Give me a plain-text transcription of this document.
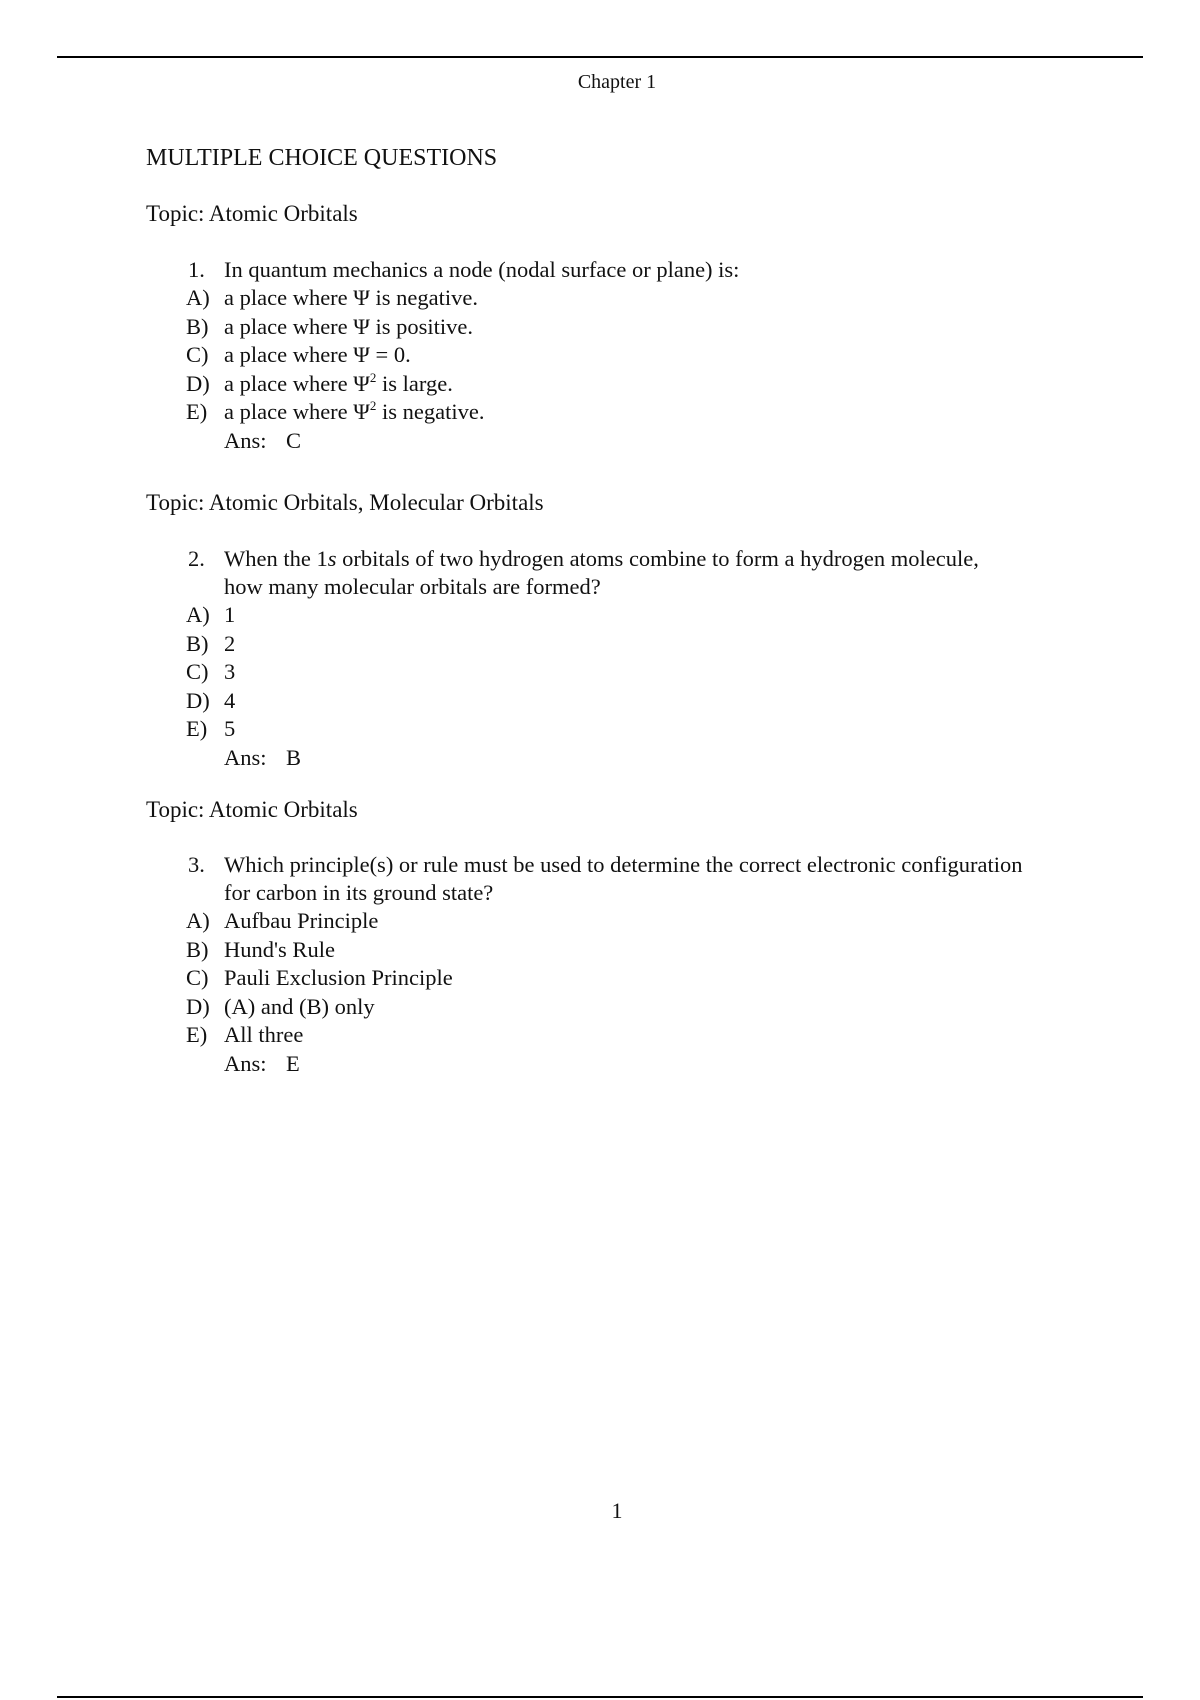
Chapter 1
MULTIPLE CHOICE QUESTIONS
Topic: Atomic Orbitals
1. In quantum mechanics a node (nodal surface or plane) is:
A) a place where Ψ is negative.
B) a place where Ψ is positive.
C) a place where Ψ = 0.
D) a place where $\Psi^2$ is large.
E) a place where $\Psi^2$ is negative.
Ans: C
Topic: Atomic Orbitals, Molecular Orbitals
2. When the 1s orbitals of two hydrogen atoms combine to form a hydrogen molecule,
how many molecular orbitals are formed?
A) 1
B) 2
C) 3
D) 4
E) 5
Ans: B
Topic: Atomic Orbitals
3. Which principle(s) or rule must be used to determine the correct electronic configuration
for carbon in its ground state?
A) Aufbau Principle
B) Hund's Rule
C) Pauli Exclusion Principle
D) (A) and (B) only
E) All three
Ans: E
1
